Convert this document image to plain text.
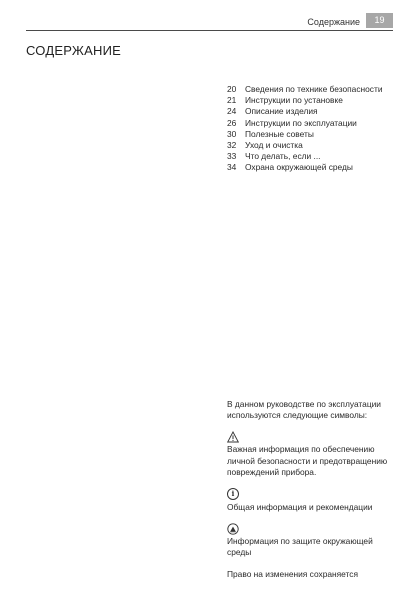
Содержание	19
СОДЕРЖАНИЕ
20	Сведения по технике безопасности
21	Инструкции по установке
24	Описание изделия
26	Инструкции по эксплуатации
30	Полезные советы
32	Уход и очистка
33	Что делать, если ...
34	Охрана окружающей среды

В данном руководстве по эксплуатации используются следующие символы:

Важная информация по обеспечению личной безопасности и предотвращению повреждений прибора.

i

Общая информация и рекомендации

Информация по защите окружающей среды

Право на изменения сохраняется
